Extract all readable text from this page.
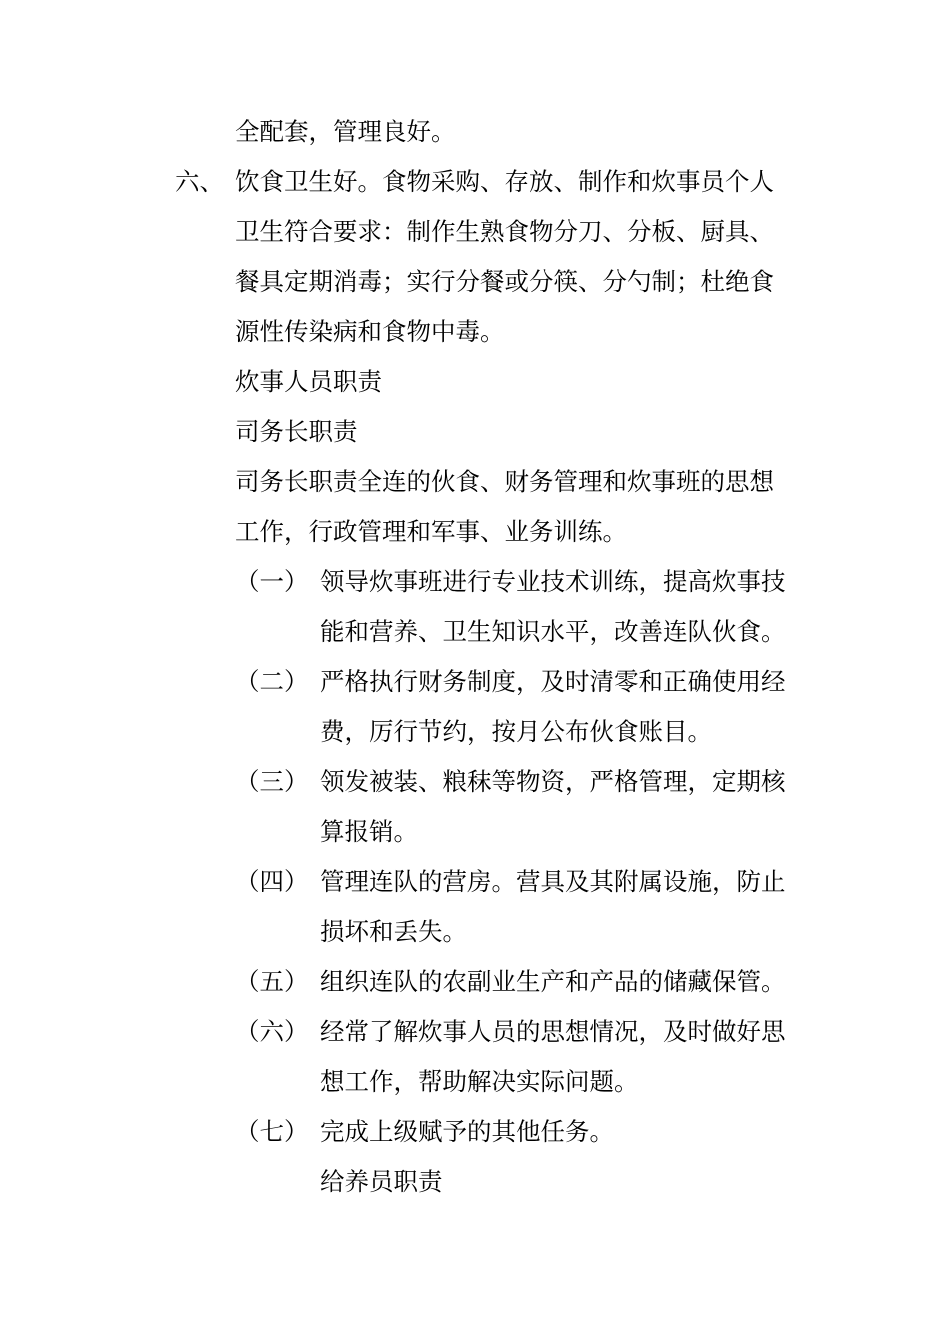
全配套，管理良好。
六、 饮食卫生好。食物采购、存放、制作和炊事员个人
卫生符合要求：制作生熟食物分刀、分板、厨具、
餐具定期消毒；实行分餐或分筷、分勺制；杜绝食
源性传染病和食物中毒。
炊事人员职责
司务长职责
司务长职责全连的伙食、财务管理和炊事班的思想
工作，行政管理和军事、业务训练。
（一） 领导炊事班进行专业技术训练，提高炊事技
能和营养、卫生知识水平，改善连队伙食。
（二） 严格执行财务制度，及时清零和正确使用经
费，厉行节约，按月公布伙食账目。
（三） 领发被装、粮秣等物资，严格管理，定期核
算报销。
（四） 管理连队的营房。营具及其附属设施，防止
损坏和丢失。
（五） 组织连队的农副业生产和产品的储藏保管。
（六） 经常了解炊事人员的思想情况，及时做好思
想工作，帮助解决实际问题。
（七） 完成上级赋予的其他任务。
给养员职责
